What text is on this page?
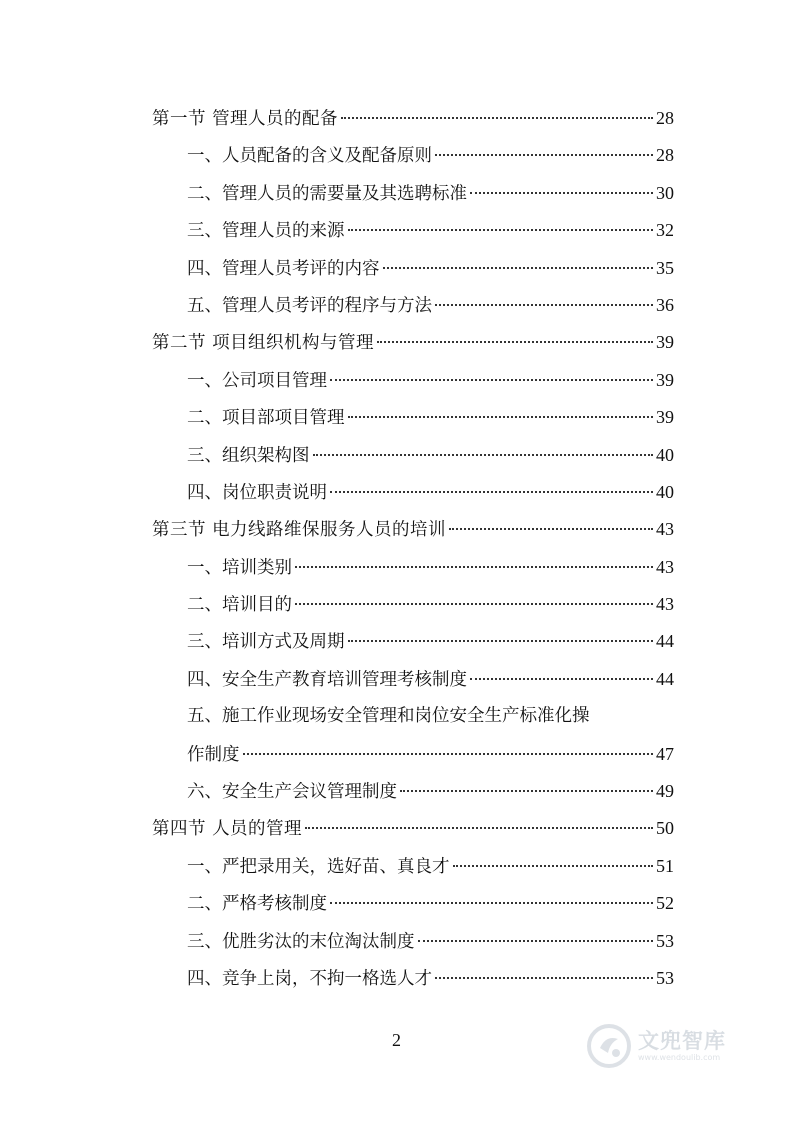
第一节 管理人员的配备	28
一、人员配备的含义及配备原则	28
二、管理人员的需要量及其选聘标准	30
三、管理人员的来源	32
四、管理人员考评的内容	35
五、管理人员考评的程序与方法	36
第二节 项目组织机构与管理	39
一、公司项目管理	39
二、项目部项目管理	39
三、组织架构图	40
四、岗位职责说明	40
第三节 电力线路维保服务人员的培训	43
一、培训类别	43
二、培训目的	43
三、培训方式及周期	44
四、安全生产教育培训管理考核制度	44
五、施工作业现场安全管理和岗位安全生产标准化操
作制度	47
六、安全生产会议管理制度	49
第四节 人员的管理	50
一、严把录用关，选好苗、真良才	51
二、严格考核制度	52
三、优胜劣汰的末位淘汰制度	53
四、竞争上岗，不拘一格选人才	53
2	文兜智库
www.wendoulib.com
